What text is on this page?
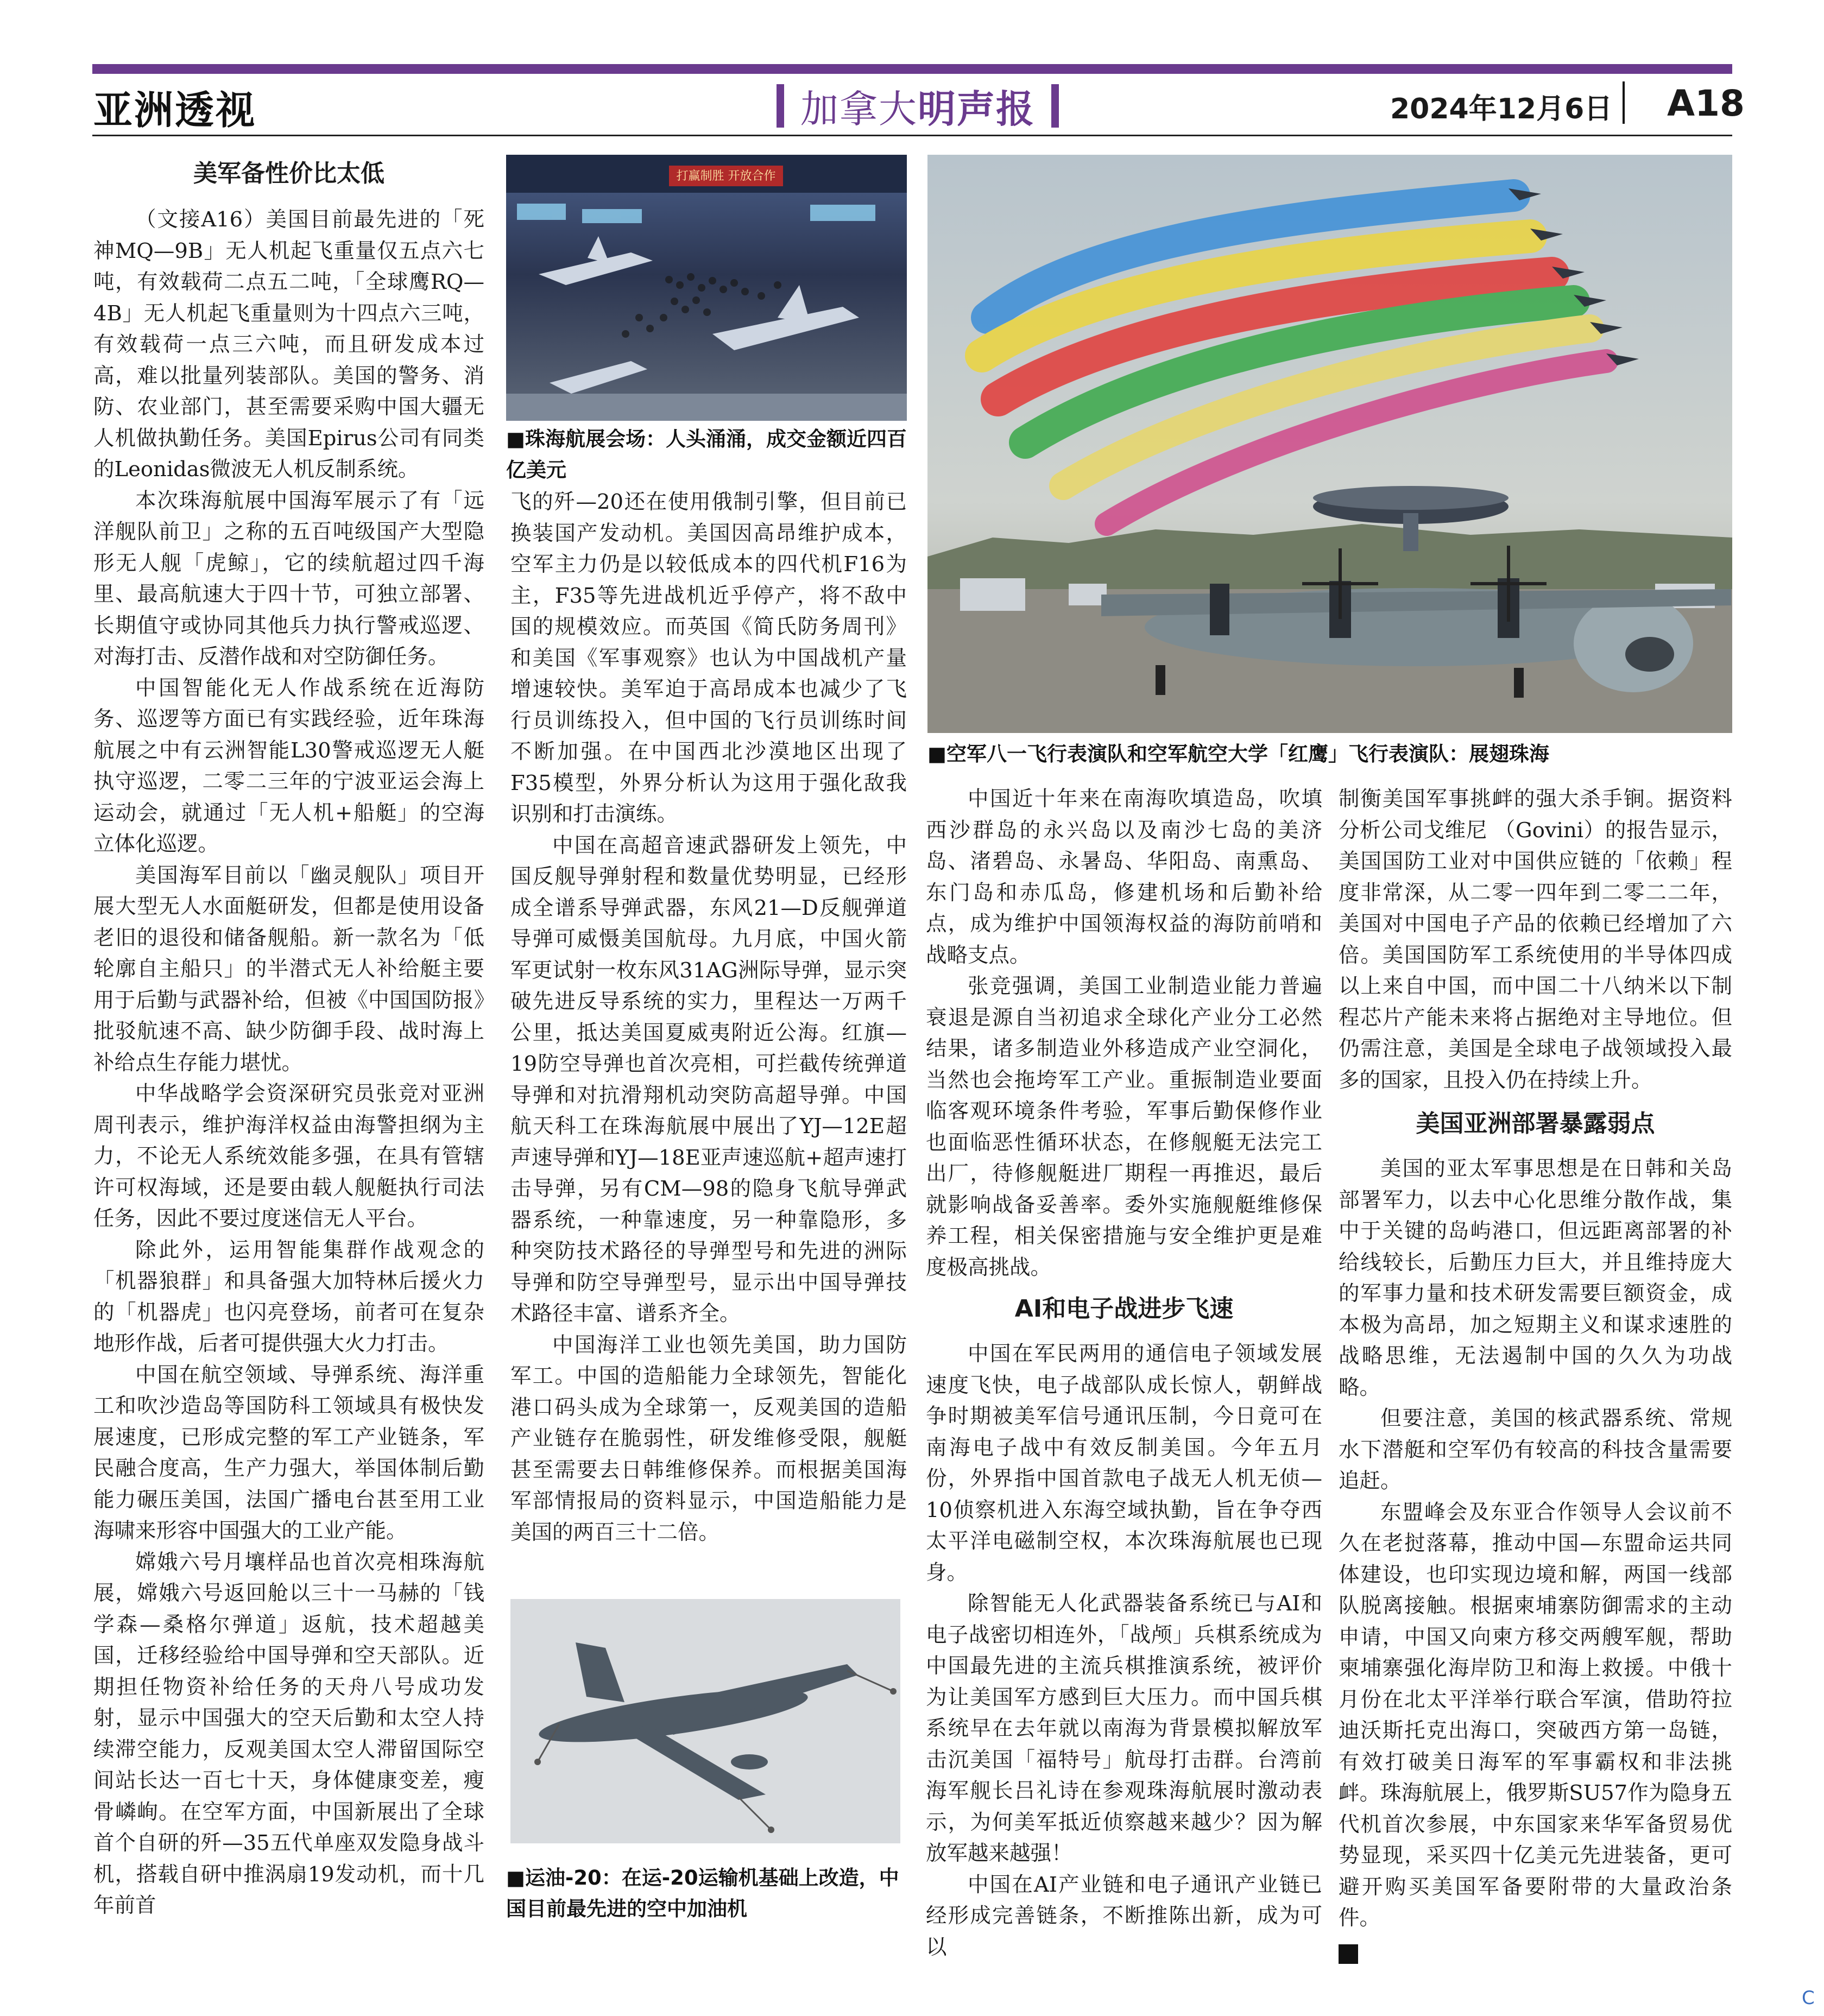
亚洲透视	加拿大明声报	2024年12月6日 A18
美军备性价比太低

（文接A16）美国目前最先进的「死神MQ—9B」无人机起飞重量仅五点六七吨，有效载荷二点五二吨，「全球鹰RQ—4B」无人机起飞重量则为十四点六三吨，有效载荷一点三六吨，而且研发成本过高，难以批量列装部队。美国的警务、消防、农业部门，甚至需要采购中国大疆无人机做执勤任务。美国Epirus公司有同类的Leonidas微波无人机反制系统。

本次珠海航展中国海军展示了有「远洋舰队前卫」之称的五百吨级国产大型隐形无人舰「虎鲸」，它的续航超过四千海里、最高航速大于四十节，可独立部署、长期值守或协同其他兵力执行警戒巡逻、对海打击、反潜作战和对空防御任务。

中国智能化无人作战系统在近海防务、巡逻等方面已有实践经验，近年珠海航展之中有云洲智能L30警戒巡逻无人艇执守巡逻，二零二三年的宁波亚运会海上运动会，就通过「无人机+船艇」的空海立体化巡逻。

美国海军目前以「幽灵舰队」项目开展大型无人水面艇研发，但都是使用设备老旧的退役和储备舰船。新一款名为「低轮廓自主船只」的半潜式无人补给艇主要用于后勤与武器补给，但被《中国国防报》批驳航速不高、缺少防御手段、战时海上补给点生存能力堪忧。

中华战略学会资深研究员张竞对亚洲周刊表示，维护海洋权益由海警担纲为主力，不论无人系统效能多强，在具有管辖许可权海域，还是要由载人舰艇执行司法任务，因此不要过度迷信无人平台。

除此外，运用智能集群作战观念的「机器狼群」和具备强大加特林后援火力的「机器虎」也闪亮登场，前者可在复杂地形作战，后者可提供强大火力打击。

中国在航空领域、导弹系统、海洋重工和吹沙造岛等国防科工领域具有极快发展速度，已形成完整的军工产业链条，军民融合度高，生产力强大，举国体制后勤能力碾压美国，法国广播电台甚至用工业海啸来形容中国强大的工业产能。

嫦娥六号月壤样品也首次亮相珠海航展，嫦娥六号返回舱以三十一马赫的「钱学森—桑格尔弹道」返航，技术超越美国，迁移经验给中国导弹和空天部队。近期担任物资补给任务的天舟八号成功发射，显示中国强大的空天后勤和太空人持续滞空能力，反观美国太空人滞留国际空间站长达一百七十天，身体健康变差，瘦骨嶙峋。在空军方面，中国新展出了全球首个自研的歼—35五代单座双发隐身战斗机，搭载自研中推涡扇19发动机，而十几年前首

打赢制胜 开放合作
■珠海航展会场：人头涌涌，成交金额近四百亿美元

飞的歼—20还在使用俄制引擎，但目前已换装国产发动机。美国因高昂维护成本，空军主力仍是以较低成本的四代机F16为主，F35等先进战机近乎停产，将不敌中国的规模效应。而英国《简氏防务周刊》和美国《军事观察》也认为中国战机产量增速较快。美军迫于高昂成本也减少了飞行员训练投入，但中国的飞行员训练时间不断加强。在中国西北沙漠地区出现了F35模型，外界分析认为这用于强化敌我识别和打击演练。

中国在高超音速武器研发上领先，中国反舰导弹射程和数量优势明显，已经形成全谱系导弹武器，东风21—D反舰弹道导弹可威慑美国航母。九月底，中国火箭军更试射一枚东风31AG洲际导弹，显示突破先进反导系统的实力，里程达一万两千公里，抵达美国夏威夷附近公海。红旗—19防空导弹也首次亮相，可拦截传统弹道导弹和对抗滑翔机动突防高超导弹。中国航天科工在珠海航展中展出了YJ—12E超声速导弹和YJ—18E亚声速巡航+超声速打击导弹，另有CM—98的隐身飞航导弹武器系统，一种靠速度，另一种靠隐形，多种突防技术路径的导弹型号和先进的洲际导弹和防空导弹型号，显示出中国导弹技术路径丰富、谱系齐全。

中国海洋工业也领先美国，助力国防军工。中国的造船能力全球领先，智能化港口码头成为全球第一，反观美国的造船产业链存在脆弱性，研发维修受限，舰艇甚至需要去日韩维修保养。而根据美国海军部情报局的资料显示，中国造船能力是美国的两百三十二倍。

■运油-20：在运-20运输机基础上改造，中国目前最先进的空中加油机
■空军八一飞行表演队和空军航空大学「红鹰」飞行表演队：展翅珠海

中国近十年来在南海吹填造岛，吹填西沙群岛的永兴岛以及南沙七岛的美济岛、渚碧岛、永暑岛、华阳岛、南熏岛、东门岛和赤瓜岛，修建机场和后勤补给点，成为维护中国领海权益的海防前哨和战略支点。

张竞强调，美国工业制造业能力普遍衰退是源自当初追求全球化产业分工必然结果，诸多制造业外移造成产业空洞化，当然也会拖垮军工产业。重振制造业要面临客观环境条件考验，军事后勤保修作业也面临恶性循环状态，在修舰艇无法完工出厂，待修舰艇进厂期程一再推迟，最后就影响战备妥善率。委外实施舰艇维修保养工程，相关保密措施与安全维护更是难度极高挑战。

AI和电子战进步飞速

中国在军民两用的通信电子领域发展速度飞快，电子战部队成长惊人，朝鲜战争时期被美军信号通讯压制，今日竟可在南海电子战中有效反制美国。今年五月份，外界指中国首款电子战无人机无侦—10侦察机进入东海空域执勤，旨在争夺西太平洋电磁制空权，本次珠海航展也已现身。

除智能无人化武器装备系统已与AI和电子战密切相连外，「战颅」兵棋系统成为中国最先进的主流兵棋推演系统，被评价为让美国军方感到巨大压力。而中国兵棋系统早在去年就以南海为背景模拟解放军击沉美国「福特号」航母打击群。台湾前海军舰长吕礼诗在参观珠海航展时激动表示，为何美军抵近侦察越来越少？因为解放军越来越强！

中国在AI产业链和电子通讯产业链已经形成完善链条，不断推陈出新，成为可以

制衡美国军事挑衅的强大杀手锏。据资料分析公司戈维尼 （Govini）的报告显示，美国国防工业对中国供应链的「依赖」程度非常深，从二零一四年到二零二二年，美国对中国电子产品的依赖已经增加了六倍。美国国防军工系统使用的半导体四成以上来自中国，而中国二十八纳米以下制程芯片产能未来将占据绝对主导地位。但仍需注意，美国是全球电子战领域投入最多的国家，且投入仍在持续上升。

美国亚洲部署暴露弱点

美国的亚太军事思想是在日韩和关岛部署军力，以去中心化思维分散作战，集中于关键的岛屿港口，但远距离部署的补给线较长，后勤压力巨大，并且维持庞大的军事力量和技术研发需要巨额资金，成本极为高昂，加之短期主义和谋求速胜的战略思维，无法遏制中国的久久为功战略。

但要注意，美国的核武器系统、常规水下潜艇和空军仍有较高的科技含量需要追赶。

东盟峰会及东亚合作领导人会议前不久在老挝落幕，推动中国—东盟命运共同体建设，也印实现边境和解，两国一线部队脱离接触。根据柬埔寨防御需求的主动申请，中国又向柬方移交两艘军舰，帮助柬埔寨强化海岸防卫和海上救援。中俄十月份在北太平洋举行联合军演，借助符拉迪沃斯托克出海口，突破西方第一岛链，有效打破美日海军的军事霸权和非法挑衅。珠海航展上，俄罗斯SU57作为隐身五代机首次参展，中东国家来华军备贸易优势显现，采买四十亿美元先进装备，更可避开购买美国军备要附带的大量政治条件。

C
